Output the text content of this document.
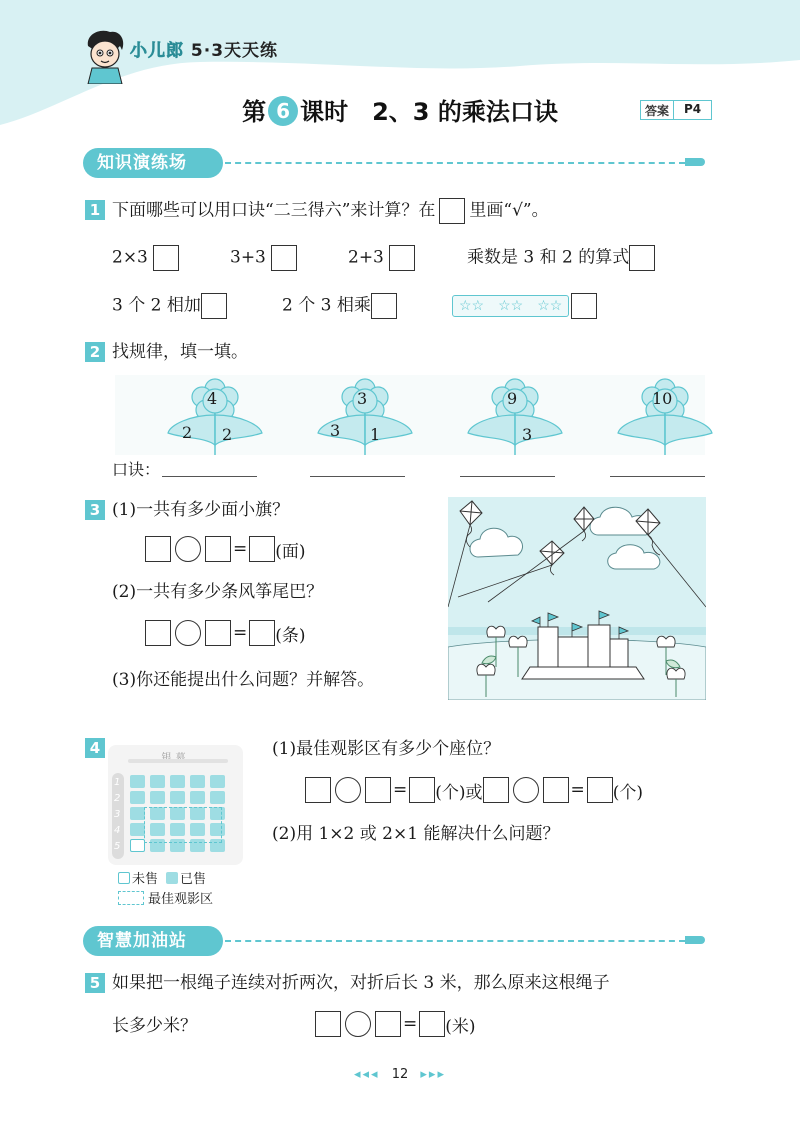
小儿郎 5·3天天练
第 6 课时　2、3 的乘法口诀	答案	P4
知识演练场
1 下面哪些可以用口诀“二三得六”来计算？在 里画“√”。
2×3	3+3	2+3	乘数是 3 和 2 的算式
3 个 2 相加	2 个 3 相乘	☆☆　☆☆　☆☆
2 找规律，填一填。
4
2 2
3
3 1
9
3
10
口诀：
3 (1)一共有多少面小旗？
= (面)
(2)一共有多少条风筝尾巴？
= (条)
(3)你还能提出什么问题？并解答。
4
1
2
3
4
5
未售 已售
最佳观影区
(1)最佳观影区有多少个座位？
= (个) 或	= (个)
(2)用 1×2 或 2×1 能解决什么问题？
智慧加油站
5 如果把一根绳子连续对折两次，对折后长 3 米，那么原来这根绳子
长多少米？	= (米)
◂◂◂ 12 ▸▸▸
